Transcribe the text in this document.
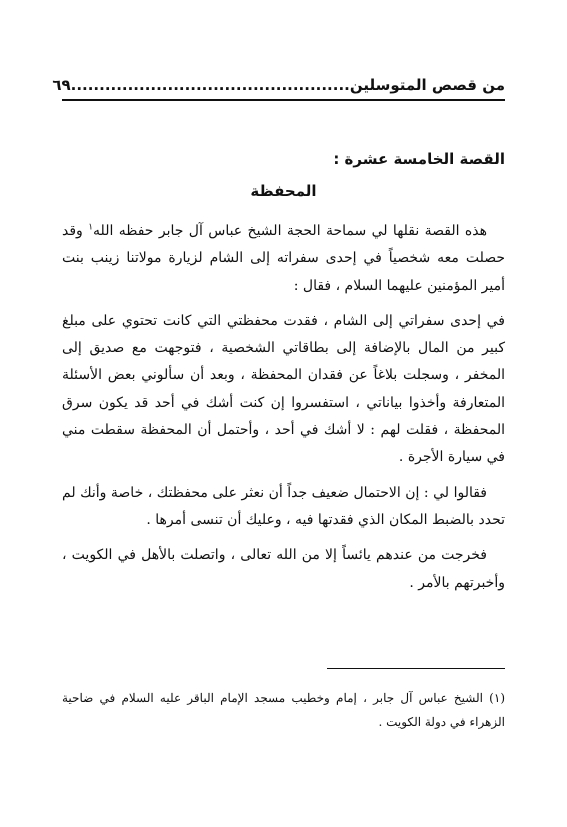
من قصص المتوسلين.................................................٦٩
القصة الخامسة عشرة :
المحفظة

هذه القصة نقلها لي سماحة الحجة الشيخ عباس آل جابر حفظه الله$^١$ وقد حصلت معه شخصياً في إحدى سفراته إلى الشام لزيارة مولاتنا زينب بنت أمير المؤمنين عليهما السلام ، فقال :

في إحدى سفراتي إلى الشام ، فقدت محفظتي التي كانت تحتوي على مبلغ كبير من المال بالإضافة إلى بطاقاتي الشخصية ، فتوجهت مع صديق إلى المخفر ، وسجلت بلاغاً عن فقدان المحفظة ، وبعد أن سألوني بعض الأسئلة المتعارفة وأخذوا بياناتي ، استفسروا إن كنت أشك في أحد قد يكون سرق المحفظة ، فقلت لهم : لا أشك في أحد ، وأحتمل أن المحفظة سقطت مني في سيارة الأجرة .

فقالوا لي : إن الاحتمال ضعيف جداً أن نعثر على محفظتك ، خاصة وأنك لم تحدد بالضبط المكان الذي فقدتها فيه ، وعليك أن تنسى أمرها .

فخرجت من عندهم يائساً إلا من الله تعالى ، واتصلت بالأهل في الكويت ، وأخبرتهم بالأمر .

(١) الشيخ عباس آل جابر ، إمام وخطيب مسجد الإمام الباقر عليه السلام في ضاحية الزهراء في دولة الكويت .
